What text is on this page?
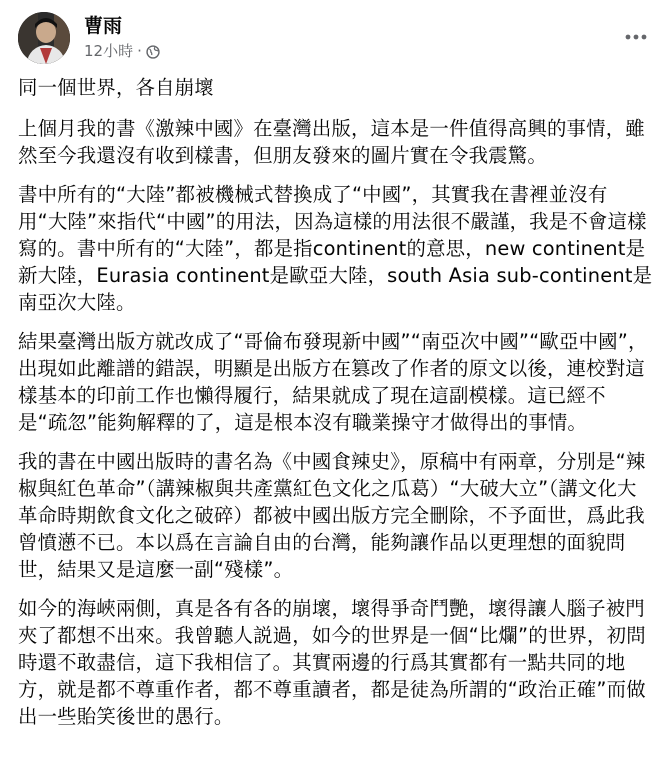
曹雨
12小時 ·

同一個世界，各自崩壞

上個月我的書《激辣中國》在臺灣出版，這本是一件值得高興的事情，雖然至今我還沒有收到樣書，但朋友發來的圖片實在令我震驚。

書中所有的“大陸”都被機械式替換成了“中國”，其實我在書裡並沒有用“大陸”來指代“中國”的用法，因為這樣的用法很不嚴謹，我是不會這樣寫的。書中所有的“大陸”，都是指continent的意思，new continent是新大陸，Eurasia continent是歐亞大陸，south Asia sub-continent是南亞次大陸。

結果臺灣出版方就改成了“哥倫布發現新中國”“南亞次中國”“歐亞中國”，出現如此離譜的錯誤，明顯是出版方在篡改了作者的原文以後，連校對這樣基本的印前工作也懶得履行，結果就成了現在這副模樣。這已經不是“疏忽”能夠解釋的了，這是根本沒有職業操守才做得出的事情。

我的書在中國出版時的書名為《中國食辣史》，原稿中有兩章，分別是“辣椒與紅色革命”（講辣椒與共產黨紅色文化之瓜葛）“大破大立”（講文化大革命時期飲食文化之破碎）都被中國出版方完全刪除，不予面世，爲此我曾憤懣不已。本以爲在言論自由的台灣，能夠讓作品以更理想的面貌問世，結果又是這麼一副“殘樣”。

如今的海峽兩側，真是各有各的崩壞，壞得爭奇鬥艷，壞得讓人腦子被門夾了都想不出來。我曾聽人説過，如今的世界是一個“比爛”的世界，初問時還不敢盡信，這下我相信了。其實兩邊的行爲其實都有一點共同的地方，就是都不尊重作者，都不尊重讀者，都是徒為所謂的“政治正確”而做出一些貽笑後世的愚行。
